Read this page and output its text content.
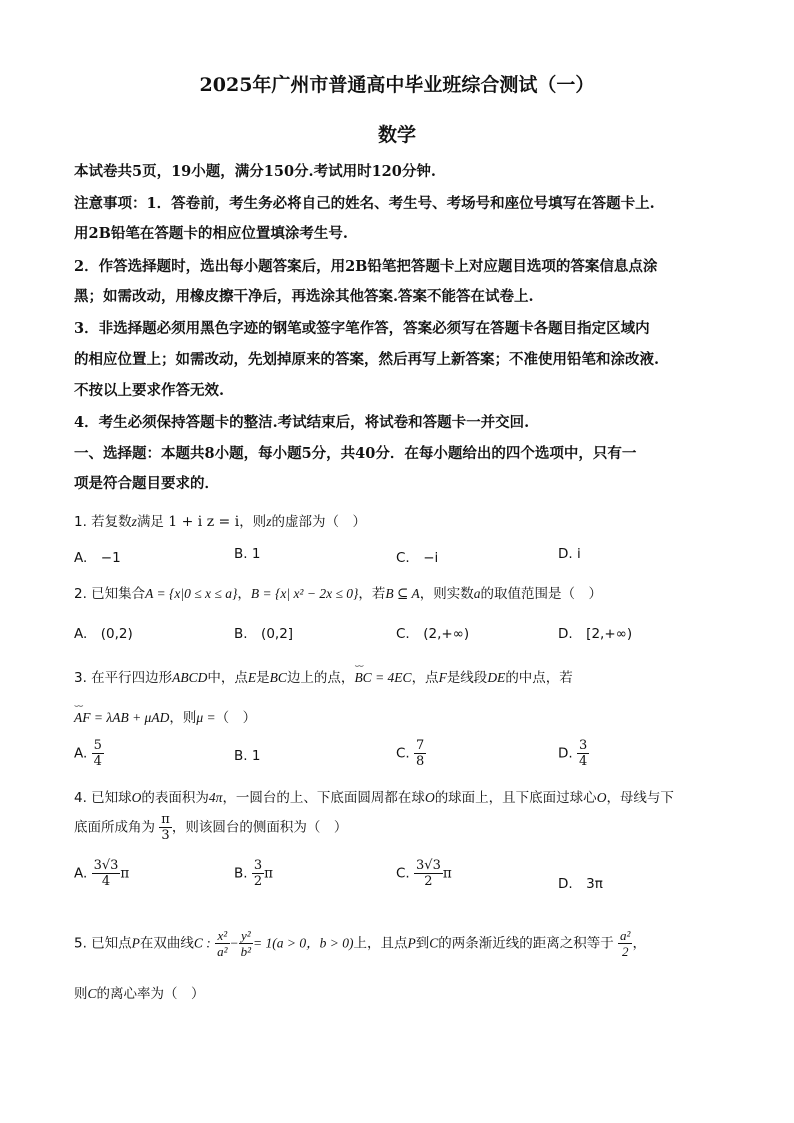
2025年广州市普通高中毕业班综合测试（一）
数学
本试卷共5页，19小题，满分150分.考试用时120分钟.
注意事项：1．答卷前，考生务必将自己的姓名、考生号、考场号和座位号填写在答题卡上.
用2B铅笔在答题卡的相应位置填涂考生号.
2．作答选择题时，选出每小题答案后，用2B铅笔把答题卡上对应题目选项的答案信息点涂
黑；如需改动，用橡皮擦干净后，再选涂其他答案.答案不能答在试卷上.
3．非选择题必须用黑色字迹的钢笔或签字笔作答，答案必须写在答题卡各题目指定区域内
的相应位置上；如需改动，先划掉原来的答案，然后再写上新答案；不准使用铅笔和涂改液.
不按以上要求作答无效.
4．考生必须保持答题卡的整洁.考试结束后，将试卷和答题卡一并交回.
一、选择题：本题共8小题，每小题5分，共40分．在每小题给出的四个选项中，只有一
项是符合题目要求的．
1. 若复数z满足 1 + i z = i，则z的虚部为（　）
A.　−1	B. 1	C.　−i	D. i
2. 已知集合A = {x|0 ≤ x ≤ a}，B = {x| x² − 2x ≤ 0}，若B ⊆ A，则实数a的取值范围是（　）
A.　(0,2)	B.　(0,2]	C.　(2,+∞)	D.　[2,+∞)
3. 在平行四边形ABCD中，点E是BC边上的点，⌣⌣ BC = 4EC，点F是线段DE的中点，若
⌣⌣ AF = λAB + μAD，则μ =（　）
A. $\frac{5}{4}$	B. 1	C. $\frac{7}{8}$	D. $\frac{3}{4}$
4. 已知球O的表面积为4π，一圆台的上、下底面圆周都在球O的球面上，且下底面过球心O，母线与下
底面所成角为 $\frac{\pi}{3}$ ，则该圆台的侧面积为（　）
A. $\frac{3√3}{4}$ π	B. $\frac{3}{2}$ π	C. $\frac{3√3}{2}$ π
D.　3π
5. 已知点P在双曲线C : $\frac{\text{x²}}{\text{a²}} - \frac{\text{y²}}{\text{b²}} = 1(a > 0$，b > 0)上，且点P到C的两条渐近线的距离之积等于 $\frac{\text{a²}}{2}$ ，
则C的离心率为（　）
